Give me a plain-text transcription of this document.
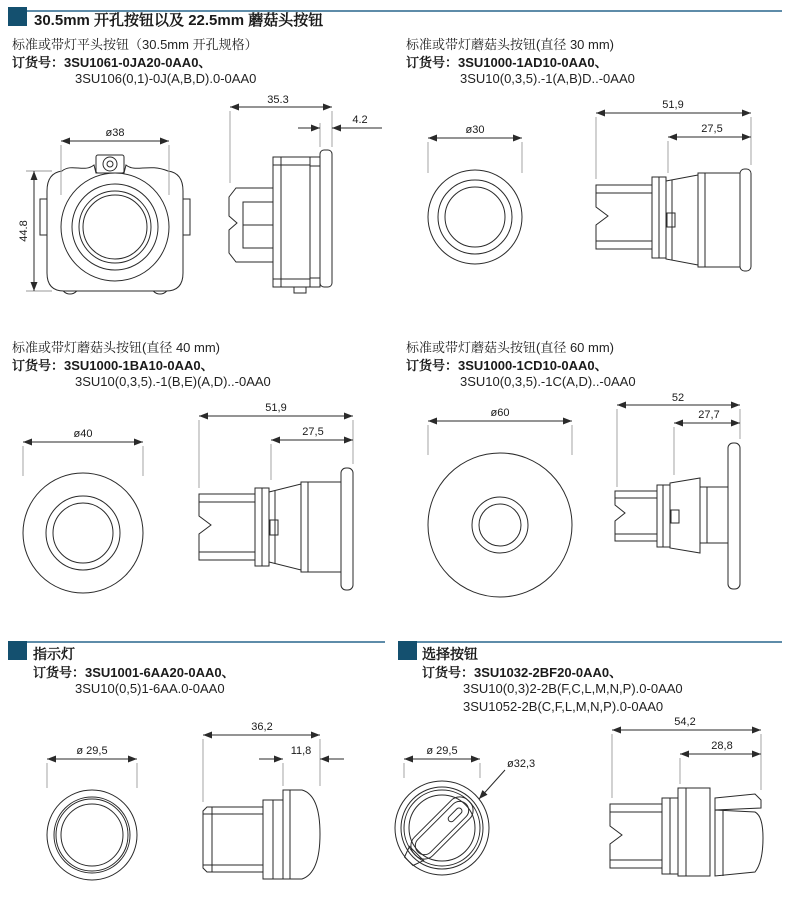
30.5mm 开孔按钮以及 22.5mm 蘑菇头按钮
标准或带灯平头按钮（30.5mm 开孔规格）
订货号：3SU1061-0JA20-0AA0、
3SU106(0,1)-0J(A,B,D).0-0AA0
标准或带灯蘑菇头按钮(直径 30 mm)
订货号：3SU1000-1AD10-0AA0、
3SU10(0,3,5).-1(A,B)D..-0AA0
标准或带灯蘑菇头按钮(直径 40 mm)
订货号：3SU1000-1BA10-0AA0、
3SU10(0,3,5).-1(B,E)(A,D)..-0AA0
标准或带灯蘑菇头按钮(直径 60 mm)
订货号：3SU1000-1CD10-0AA0、
3SU10(0,3,5).-1C(A,D)..-0AA0
指示灯
订货号：3SU1001-6AA20-0AA0、
3SU10(0,5)1-6AA.0-0AA0
选择按钮
订货号：3SU1032-2BF20-0AA0、
3SU10(0,3)2-2B(F,C,L,M,N,P).0-0AA0
3SU1052-2B(C,F,L,M,N,P).0-0AA0
ø38
44.8
35.3
4.2
ø30
51,9
27,5
ø40
51,9
27,5
ø60
52
27,7
ø 29,5
36,2
11,8	ø 29,5
ø32,3
54,2
28,8
